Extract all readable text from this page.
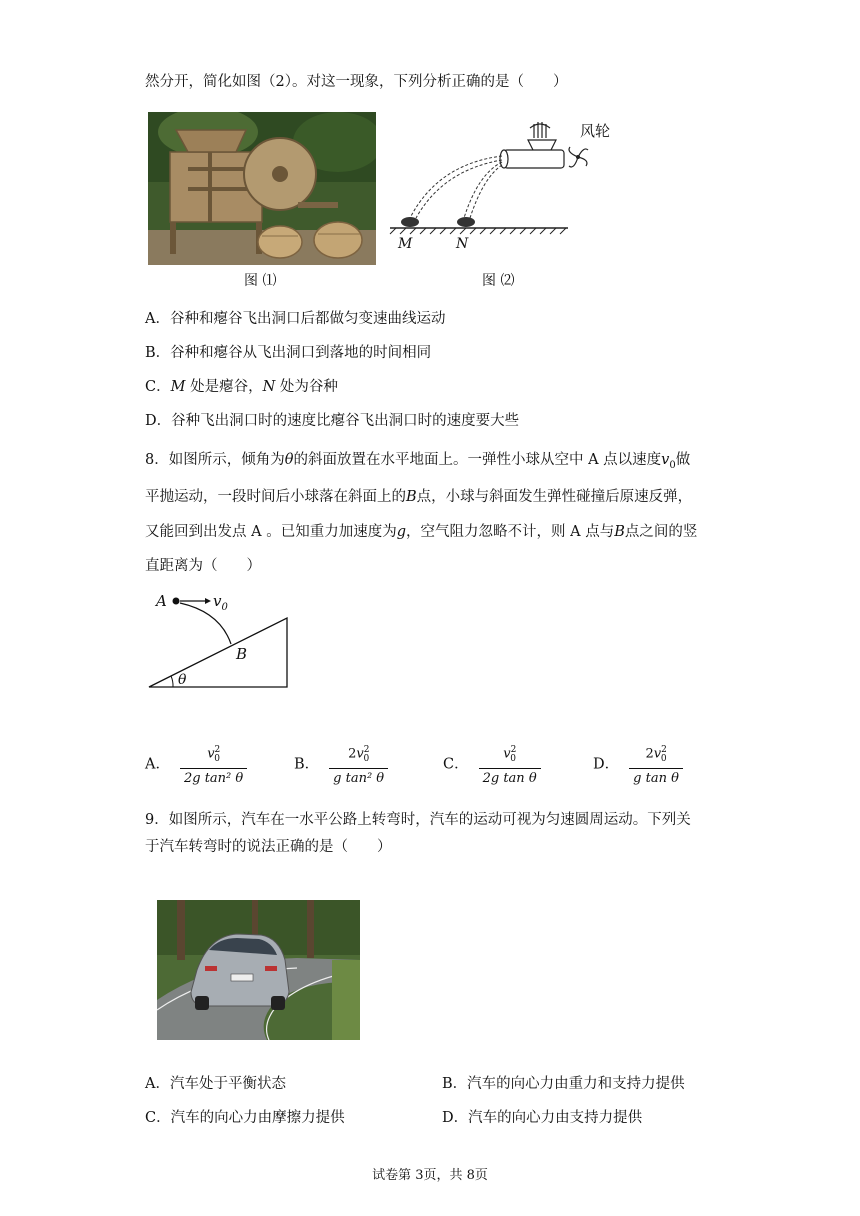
然分开，简化如图（2）。对这一现象，下列分析正确的是（　　）
图 ⑴
M	N
风轮
图 ⑵
A．谷种和瘪谷飞出洞口后都做匀变速曲线运动
B．谷种和瘪谷从飞出洞口到落地的时间相同
C．M 处是瘪谷，N 处为谷种
D．谷种飞出洞口时的速度比瘪谷飞出洞口时的速度要大些
8．如图所示，倾角为θ的斜面放置在水平地面上。一弹性小球从空中 A 点以速度$v_0$做
平抛运动，一段时间后小球落在斜面上的B点，小球与斜面发生弹性碰撞后原速反弹，
又能回到出发点 A 。已知重力加速度为g，空气阻力忽略不计，则 A 点与B点之间的竖
直距离为（　　）
A	$v_0$
B
θ
A． $\frac{v^2_0}{\text{2g tan² θ}}$	B． $\frac{2v^2_0}{\text{g tan² θ}}$	C． $\frac{v^2_0}{\text{2g tan θ}}$	D． $\frac{2v^2_0}{\text{g tan θ}}$
9．如图所示，汽车在一水平公路上转弯时，汽车的运动可视为匀速圆周运动。下列关
于汽车转弯时的说法正确的是（　　）
A．汽车处于平衡状态	B．汽车的向心力由重力和支持力提供
C．汽车的向心力由摩擦力提供	D．汽车的向心力由支持力提供
试卷第 3页，共 8页
